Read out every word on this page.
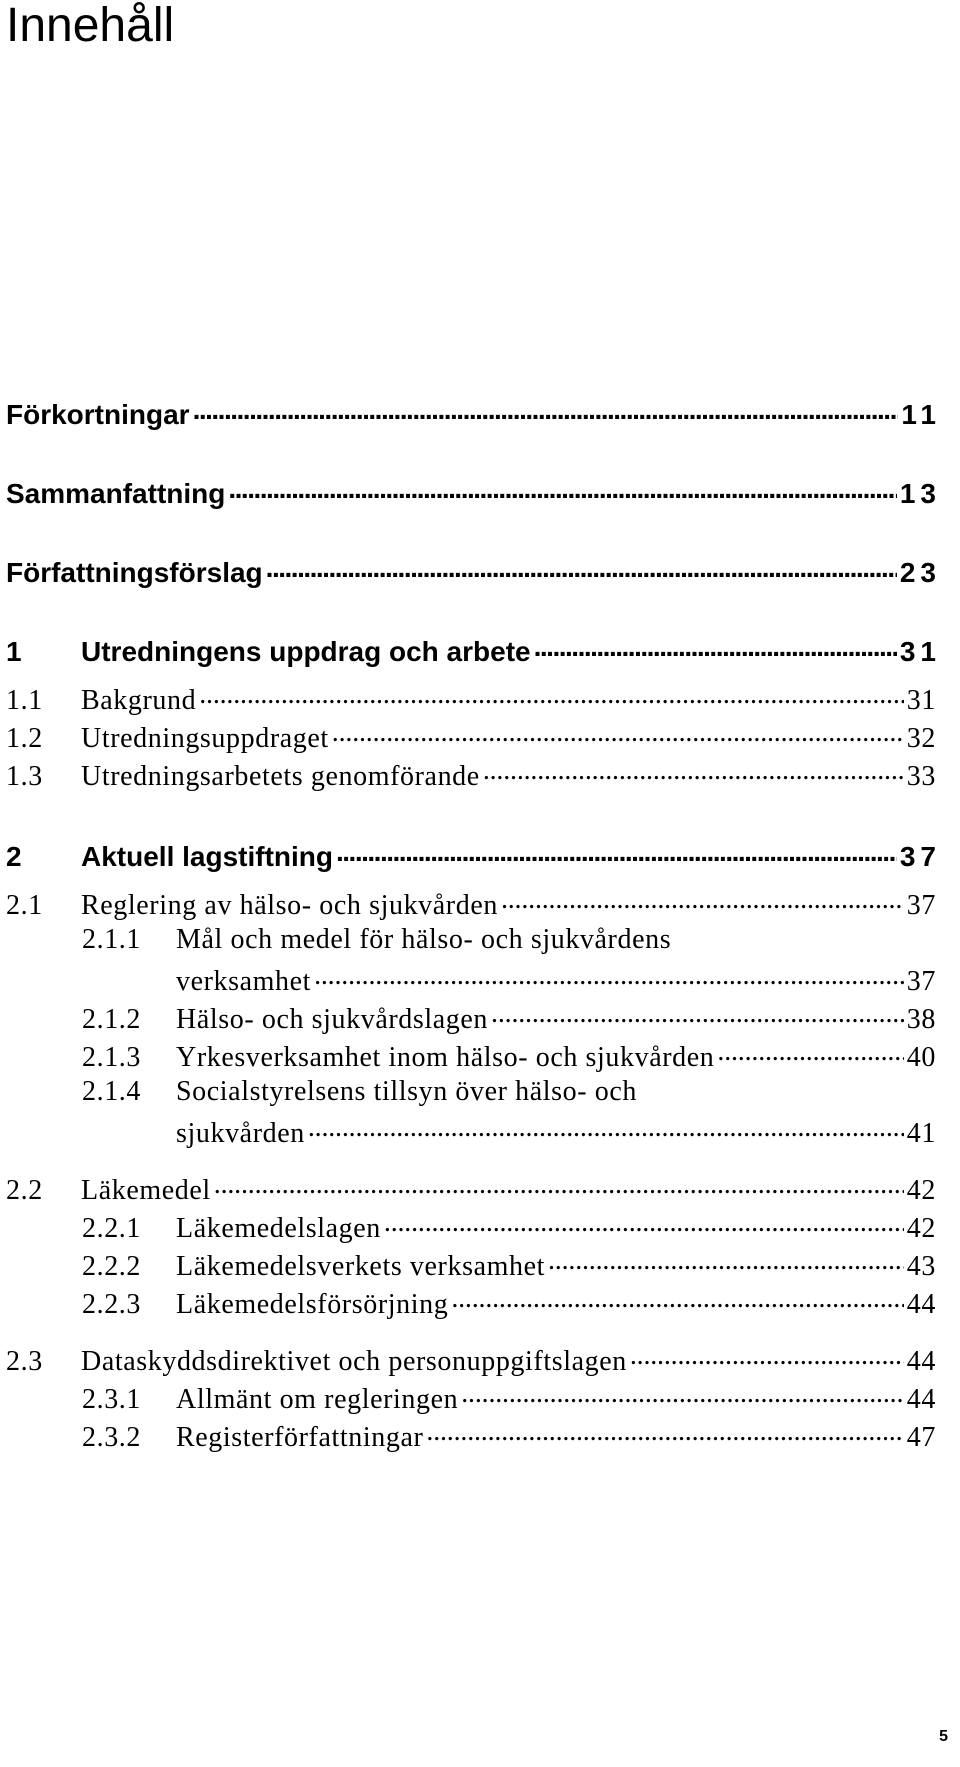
Innehåll
Förkortningar .....	11
Sammanfattning .....	13
Författningsförslag .....	23
1	Utredningens uppdrag och arbete .....	31
1.1	Bakgrund .....	31
1.2	Utredningsuppdraget .....	32
1.3	Utredningsarbetets genomförande .....	33
2	Aktuell lagstiftning .....	37
2.1	Reglering av hälso- och sjukvården .....	37
2.1.1	Mål och medel för hälso- och sjukvårdens
verksamhet .....	37
2.1.2	Hälso- och sjukvårdslagen .....	38
2.1.3	Yrkesverksamhet inom hälso- och sjukvården .....	40
2.1.4	Socialstyrelsens tillsyn över hälso- och
sjukvården .....	41
2.2	Läkemedel .....	42
2.2.1	Läkemedelslagen .....	42
2.2.2	Läkemedelsverkets verksamhet .....	43
2.2.3	Läkemedelsförsörjning .....	44
2.3	Dataskyddsdirektivet och personuppgiftslagen .....	44
2.3.1	Allmänt om regleringen .....	44
2.3.2	Registerförfattningar .....	47
5
